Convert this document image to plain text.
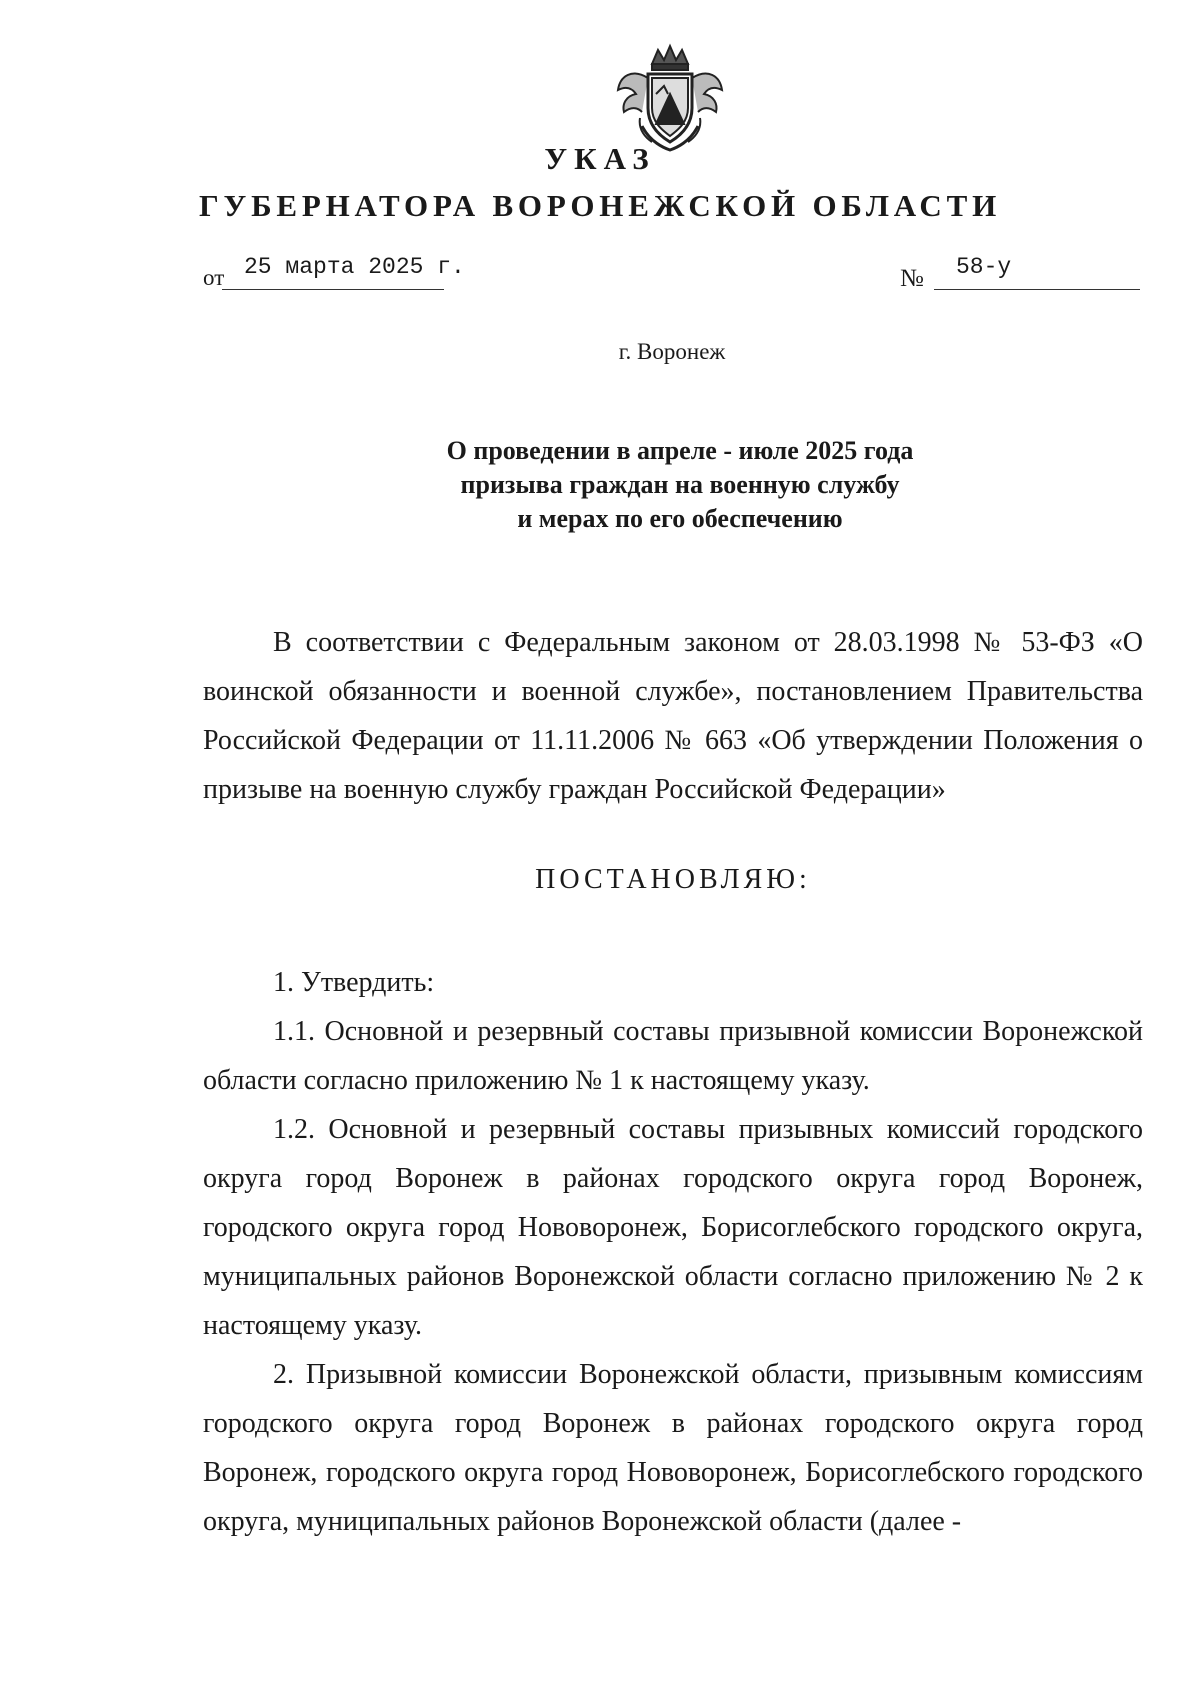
УКАЗ
ГУБЕРНАТОРА ВОРОНЕЖСКОЙ ОБЛАСТИ
от 25 марта 2025 г.	№ 58-у
г. Воронеж
О проведении в апреле - июле 2025 года
призыва граждан на военную службу
и мерах по его обеспечению

В соответствии с Федеральным законом от 28.03.1998 № 53-ФЗ «О воинской обязанности и военной службе», постановлением Правительства Российской Федерации от 11.11.2006 № 663 «Об утверждении Положения о призыве на военную службу граждан Российской Федерации»

ПОСТАНОВЛЯЮ:

1. Утвердить:

1.1. Основной и резервный составы призывной комиссии Воронежской области согласно приложению № 1 к настоящему указу.

1.2. Основной и резервный составы призывных комиссий городского округа город Воронеж в районах городского округа город Воронеж, городского округа город Нововоронеж, Борисоглебского городского округа, муниципальных районов Воронежской области согласно приложению № 2 к настоящему указу.

2. Призывной комиссии Воронежской области, призывным комиссиям городского округа город Воронеж в районах городского округа город Воронеж, городского округа город Нововоронеж, Борисоглебского городского округа, муниципальных районов Воронежской области (далее -
